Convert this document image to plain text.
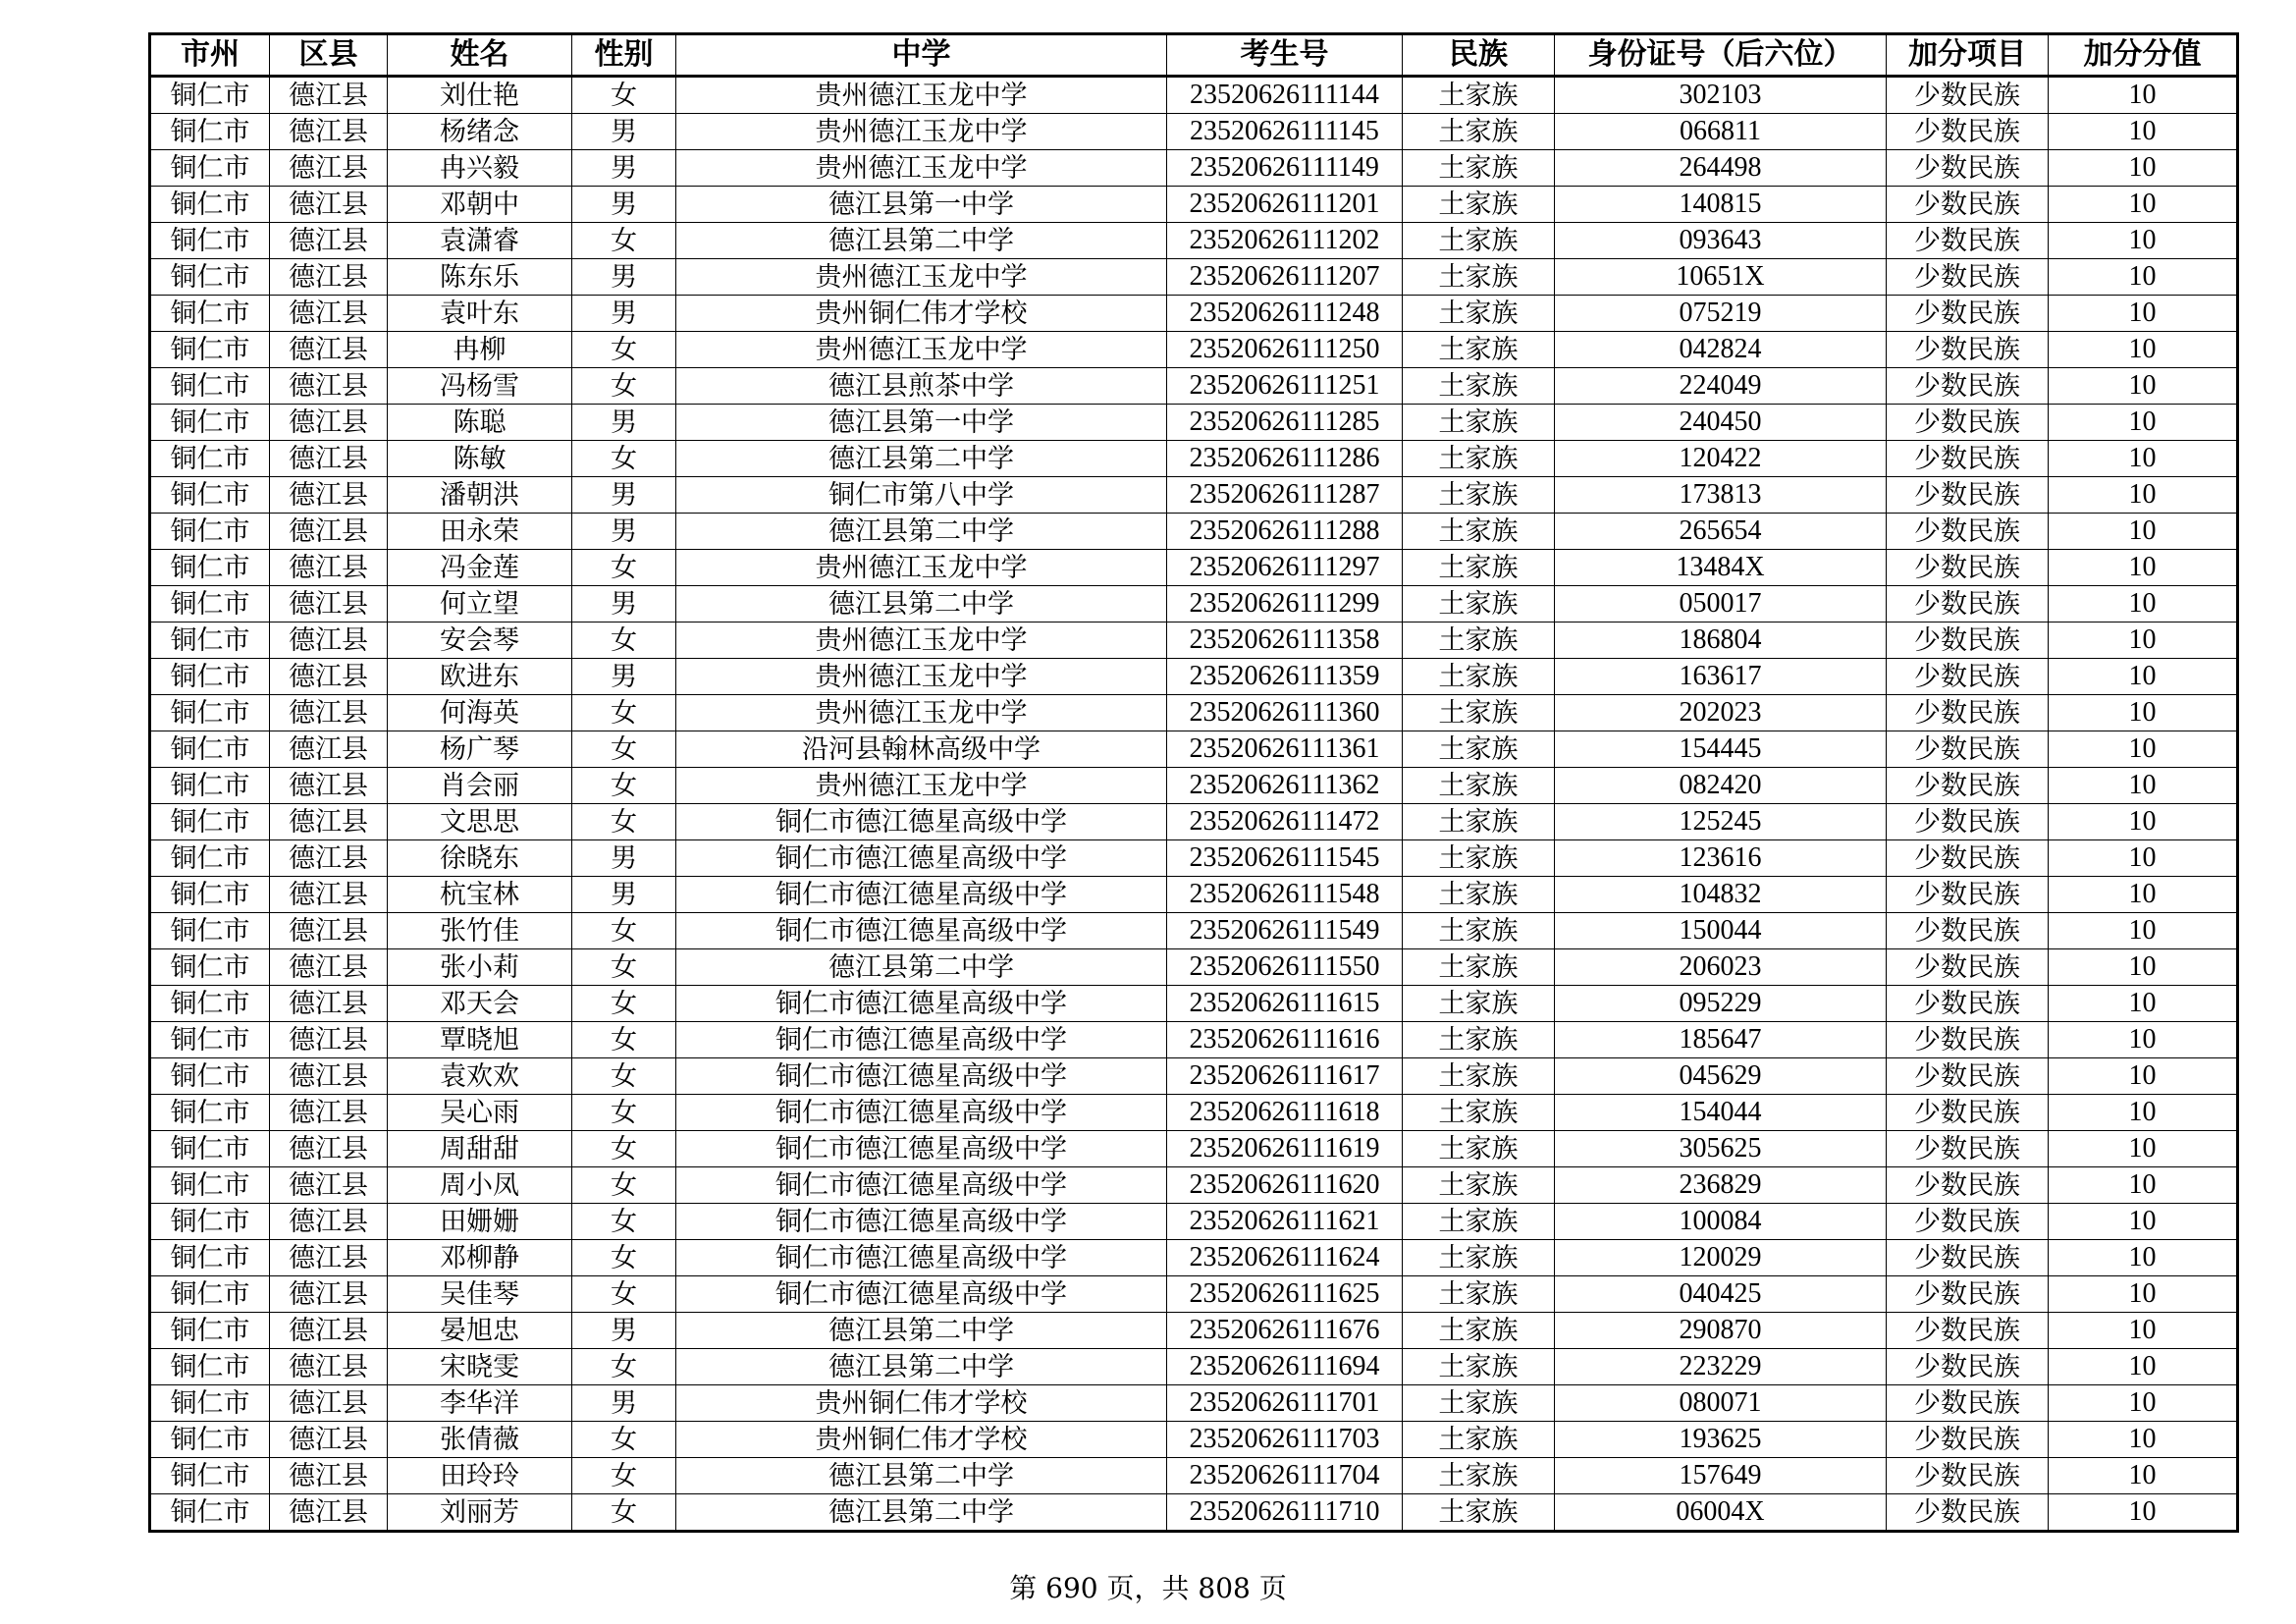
市州	区县	姓名	性别	中学	考生号	民族	身份证号（后六位）	加分项目	加分分值
铜仁市	德江县	刘仕艳	女	贵州德江玉龙中学	23520626111144	土家族	302103	少数民族	10
铜仁市	德江县	杨绪念	男	贵州德江玉龙中学	23520626111145	土家族	066811	少数民族	10
铜仁市	德江县	冉兴毅	男	贵州德江玉龙中学	23520626111149	土家族	264498	少数民族	10
铜仁市	德江县	邓朝中	男	德江县第一中学	23520626111201	土家族	140815	少数民族	10
铜仁市	德江县	袁潇睿	女	德江县第二中学	23520626111202	土家族	093643	少数民族	10
铜仁市	德江县	陈东乐	男	贵州德江玉龙中学	23520626111207	土家族	10651X	少数民族	10
铜仁市	德江县	袁叶东	男	贵州铜仁伟才学校	23520626111248	土家族	075219	少数民族	10
铜仁市	德江县	冉柳	女	贵州德江玉龙中学	23520626111250	土家族	042824	少数民族	10
铜仁市	德江县	冯杨雪	女	德江县煎茶中学	23520626111251	土家族	224049	少数民族	10
铜仁市	德江县	陈聪	男	德江县第一中学	23520626111285	土家族	240450	少数民族	10
铜仁市	德江县	陈敏	女	德江县第二中学	23520626111286	土家族	120422	少数民族	10
铜仁市	德江县	潘朝洪	男	铜仁市第八中学	23520626111287	土家族	173813	少数民族	10
铜仁市	德江县	田永荣	男	德江县第二中学	23520626111288	土家族	265654	少数民族	10
铜仁市	德江县	冯金莲	女	贵州德江玉龙中学	23520626111297	土家族	13484X	少数民族	10
铜仁市	德江县	何立望	男	德江县第二中学	23520626111299	土家族	050017	少数民族	10
铜仁市	德江县	安会琴	女	贵州德江玉龙中学	23520626111358	土家族	186804	少数民族	10
铜仁市	德江县	欧进东	男	贵州德江玉龙中学	23520626111359	土家族	163617	少数民族	10
铜仁市	德江县	何海英	女	贵州德江玉龙中学	23520626111360	土家族	202023	少数民族	10
铜仁市	德江县	杨广琴	女	沿河县翰林高级中学	23520626111361	土家族	154445	少数民族	10
铜仁市	德江县	肖会丽	女	贵州德江玉龙中学	23520626111362	土家族	082420	少数民族	10
铜仁市	德江县	文思思	女	铜仁市德江德星高级中学	23520626111472	土家族	125245	少数民族	10
铜仁市	德江县	徐晓东	男	铜仁市德江德星高级中学	23520626111545	土家族	123616	少数民族	10
铜仁市	德江县	杭宝林	男	铜仁市德江德星高级中学	23520626111548	土家族	104832	少数民族	10
铜仁市	德江县	张竹佳	女	铜仁市德江德星高级中学	23520626111549	土家族	150044	少数民族	10
铜仁市	德江县	张小莉	女	德江县第二中学	23520626111550	土家族	206023	少数民族	10
铜仁市	德江县	邓天会	女	铜仁市德江德星高级中学	23520626111615	土家族	095229	少数民族	10
铜仁市	德江县	覃晓旭	女	铜仁市德江德星高级中学	23520626111616	土家族	185647	少数民族	10
铜仁市	德江县	袁欢欢	女	铜仁市德江德星高级中学	23520626111617	土家族	045629	少数民族	10
铜仁市	德江县	吴心雨	女	铜仁市德江德星高级中学	23520626111618	土家族	154044	少数民族	10
铜仁市	德江县	周甜甜	女	铜仁市德江德星高级中学	23520626111619	土家族	305625	少数民族	10
铜仁市	德江县	周小凤	女	铜仁市德江德星高级中学	23520626111620	土家族	236829	少数民族	10
铜仁市	德江县	田姗姗	女	铜仁市德江德星高级中学	23520626111621	土家族	100084	少数民族	10
铜仁市	德江县	邓柳静	女	铜仁市德江德星高级中学	23520626111624	土家族	120029	少数民族	10
铜仁市	德江县	吴佳琴	女	铜仁市德江德星高级中学	23520626111625	土家族	040425	少数民族	10
铜仁市	德江县	晏旭忠	男	德江县第二中学	23520626111676	土家族	290870	少数民族	10
铜仁市	德江县	宋晓雯	女	德江县第二中学	23520626111694	土家族	223229	少数民族	10
铜仁市	德江县	李华洋	男	贵州铜仁伟才学校	23520626111701	土家族	080071	少数民族	10
铜仁市	德江县	张倩薇	女	贵州铜仁伟才学校	23520626111703	土家族	193625	少数民族	10
铜仁市	德江县	田玲玲	女	德江县第二中学	23520626111704	土家族	157649	少数民族	10
铜仁市	德江县	刘丽芳	女	德江县第二中学	23520626111710	土家族	06004X	少数民族	10
第 690 页，共 808 页
